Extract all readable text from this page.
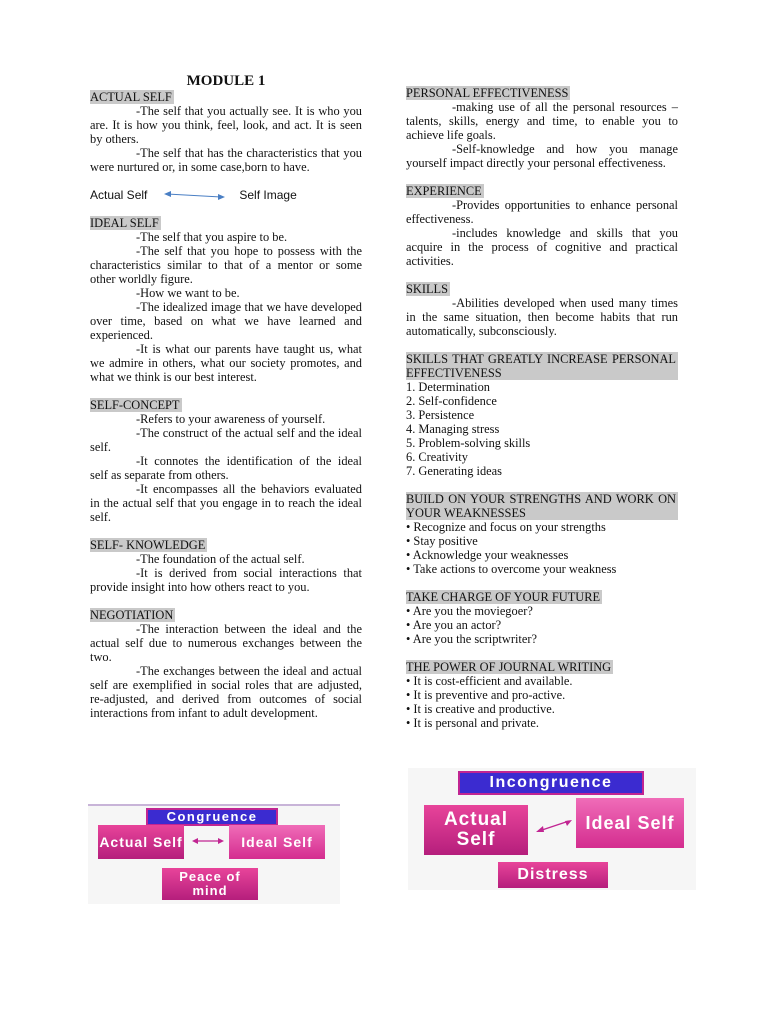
MODULE 1
ACTUAL SELF

-The self that you actually see. It is who you are. It is how you think, feel, look, and act. It is seen by others.

-The self that has the characteristics that you were nurtured or, in some case,born to have.

Actual Self	Self Image
IDEAL SELF

-The self that you aspire to be.

-The self that you hope to possess with the characteristics similar to that of a mentor or some other worldly figure.

-How we want to be.

-The idealized image that we have developed over time, based on what we have learned and experienced.

-It is what our parents have taught us, what we admire in others, what our society promotes, and what we think is our best interest.

SELF-CONCEPT

-Refers to your awareness of yourself.

-The construct of the actual self and the ideal self.

-It connotes the identification of the ideal self as separate from others.

-It encompasses all the behaviors evaluated in the actual self that you engage in to reach the ideal self.

SELF- KNOWLEDGE

-The foundation of the actual self.

-It is derived from social interactions that provide insight into how others react to you.

NEGOTIATION

-The interaction between the ideal and the actual self due to numerous exchanges between the two.

-The exchanges between the ideal and actual self are exemplified in social roles that are adjusted, re-adjusted, and derived from outcomes of social interactions from infant to adult development.

PERSONAL EFFECTIVENESS

-making use of all the personal resources – talents, skills, energy and time, to enable you to achieve life goals.

-Self-knowledge and how you manage yourself impact directly your personal effectiveness.

EXPERIENCE

-Provides opportunities to enhance personal effectiveness.

-includes knowledge and skills that you acquire in the process of cognitive and practical activities.

SKILLS

-Abilities developed when used many times in the same situation, then become habits that run automatically, subconsciously.

SKILLS THAT GREATLY INCREASE PERSONAL EFFECTIVENESS

1. Determination
2. Self-confidence
3. Persistence
4. Managing stress
5. Problem-solving skills
6. Creativity
7. Generating ideas

BUILD ON YOUR STRENGTHS AND WORK ON YOUR WEAKNESSES

• Recognize and focus on your strengths
• Stay positive
• Acknowledge your weaknesses
• Take actions to overcome your weakness
TAKE CHARGE OF YOUR FUTURE
• Are you the moviegoer?
• Are you an actor?
• Are you the scriptwriter?
THE POWER OF JOURNAL WRITING
• It is cost-efficient and available.
• It is preventive and pro-active.
• It is creative and productive.
• It is personal and private.
Congruence
Actual Self	Ideal Self
Peace of mind
Incongruence
Actual Self
Ideal Self
Distress
